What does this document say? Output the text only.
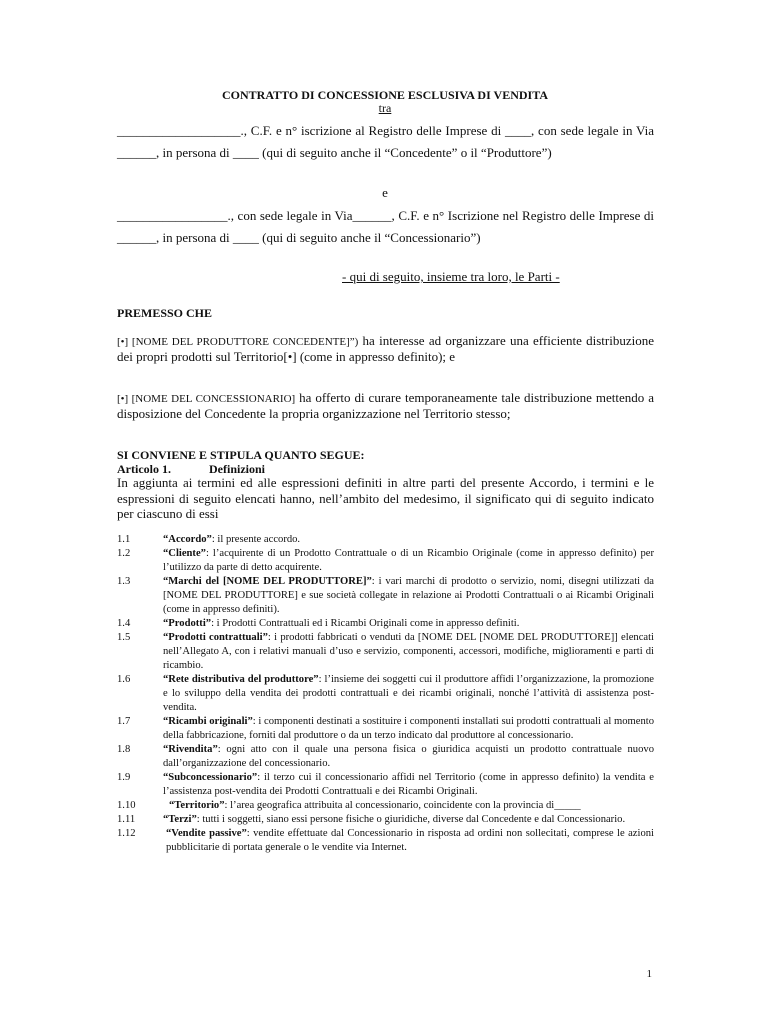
CONTRATTO DI CONCESSIONE ESCLUSIVA DI VENDITA
tra
___________________., C.F. e n° iscrizione al Registro delle Imprese di ____, con sede legale in Via ______, in persona di ____ (qui di seguito anche il “Concedente” o il “Produttore”)
e
_________________., con sede legale in Via______, C.F. e n° Iscrizione nel Registro delle Imprese di ______, in persona di ____ (qui di seguito anche il “Concessionario”)
- qui di seguito, insieme tra loro, le Parti -
PREMESSO CHE
[•] [NOME DEL PRODUTTORE CONCEDENTE]”) ha interesse ad organizzare una efficiente distribuzione dei propri prodotti sul Territorio[•] (come in appresso definito); e
[•] [NOME DEL CONCESSIONARIO] ha offerto di curare temporaneamente tale distribuzione mettendo a disposizione del Concedente la propria organizzazione nel Territorio stesso;
SI CONVIENE E STIPULA QUANTO SEGUE:
Articolo 1.	Definizioni
In aggiunta ai termini ed alle espressioni definiti in altre parti del presente Accordo, i termini e le espressioni di seguito elencati hanno, nell’ambito del medesimo, il significato qui di seguito indicato per ciascuno di essi
1.1	“Accordo”: il presente accordo.
1.2	“Cliente”: l’acquirente di un Prodotto Contrattuale o di un Ricambio Originale (come in appresso definito) per l’utilizzo da parte di detto acquirente.
1.3	“Marchi del [NOME DEL PRODUTTORE]”: i vari marchi di prodotto o servizio, nomi, disegni utilizzati da [NOME DEL PRODUTTORE] e sue società collegate in relazione ai Prodotti Contrattuali o ai Ricambi Originali (come in appresso definiti).
1.4	“Prodotti”: i Prodotti Contrattuali ed i Ricambi Originali come in appresso definiti.
1.5	“Prodotti contrattuali”: i prodotti fabbricati o venduti da [NOME DEL [NOME DEL PRODUTTORE]] elencati nell’Allegato A, con i relativi manuali d’uso e servizio, componenti, accessori, modifiche, miglioramenti e parti di ricambio.
1.6	“Rete distributiva del produttore”: l’insieme dei soggetti cui il produttore affidi l’organizzazione, la promozione e lo sviluppo della vendita dei prodotti contrattuali e dei ricambi originali, nonché l’attività di assistenza post-vendita.
1.7	“Ricambi originali”: i componenti destinati a sostituire i componenti installati sui prodotti contrattuali al momento della fabbricazione, forniti dal produttore o da un terzo indicato dal produttore al concessionario.
1.8	“Rivendita”: ogni atto con il quale una persona fisica o giuridica acquisti un prodotto contrattuale nuovo dall’organizzazione del concessionario.
1.9	“Subconcessionario”: il terzo cui il concessionario affidi nel Territorio (come in appresso definito) la vendita e l’assistenza post-vendita dei Prodotti Contrattuali e dei Ricambi Originali.
1.10	“Territorio”: l’area geografica attribuita al concessionario, coincidente con la provincia di_____
1.11	“Terzi”: tutti i soggetti, siano essi persone fisiche o giuridiche, diverse dal Concedente e dal Concessionario.
1.12	“Vendite passive”: vendite effettuate dal Concessionario in risposta ad ordini non sollecitati, comprese le azioni pubblicitarie di portata generale o le vendite via Internet.
1
